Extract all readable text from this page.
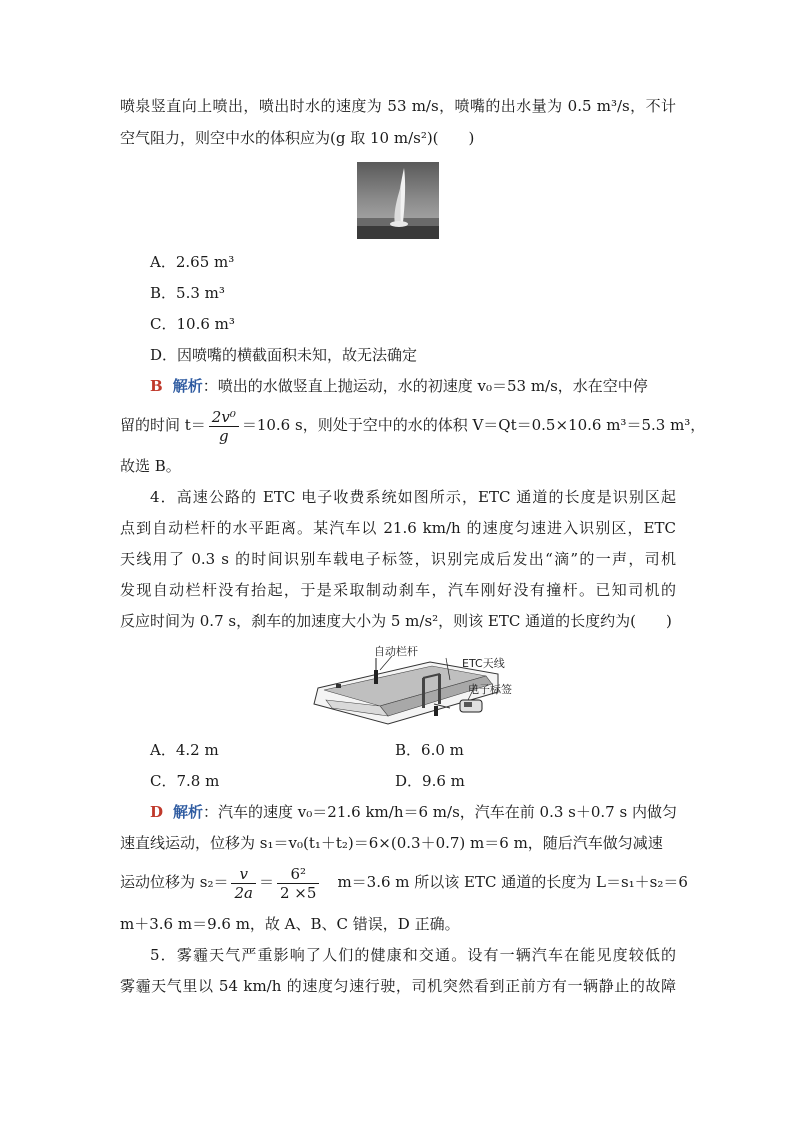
喷泉竖直向上喷出，喷出时水的速度为 53 m/s，喷嘴的出水量为 0.5 m³/s，不计
空气阻力，则空中水的体积应为(g 取 10 m/s²)(　　)
A．2.65 m³
B．5.3 m³
C．10.6 m³
D．因喷嘴的横截面积未知，故无法确定
B 解析：喷出的水做竖直上抛运动，水的初速度 v₀＝53 m/s，水在空中停
留的时间 $t= \frac{\text{2v⁰}}{g} =10.6$ s，则处于空中的水的体积 V＝Qt＝0.5×10.6 m³＝5.3 m³，
故选 B。
4．高速公路的 ETC 电子收费系统如图所示，ETC 通道的长度是识别区起
点到自动栏杆的水平距离。某汽车以 21.6 km/h 的速度匀速进入识别区，ETC
天线用了 0.3 s 的时间识别车载电子标签，识别完成后发出“滴”的一声，司机
发现自动栏杆没有抬起，于是采取制动刹车，汽车刚好没有撞杆。已知司机的
反应时间为 0.7 s，刹车的加速度大小为 5 m/s²，则该 ETC 通道的长度约为(　　)
自动栏杆
ETC天线
电子标签
A．4.2 m	B．6.0 m
C．7.8 m	D．9.6 m
D 解析：汽车的速度 v₀＝21.6 km/h＝6 m/s，汽车在前 0.3 s＋0.7 s 内做匀
速直线运动，位移为 s₁＝v₀(t₁＋t₂)＝6×(0.3＋0.7) m＝6 m，随后汽车做匀减速
运动位移为 $s_2= \frac{v}{2a} = \frac{\text{6²}}{2 \times 5}$ 　m＝3.6 m 所以该 ETC 通道的长度为 L＝s₁＋s₂＝6
m＋3.6 m＝9.6 m，故 A、B、C 错误，D 正确。
5．雾霾天气严重影响了人们的健康和交通。设有一辆汽车在能见度较低的
雾霾天气里以 54 km/h 的速度匀速行驶，司机突然看到正前方有一辆静止的故障
